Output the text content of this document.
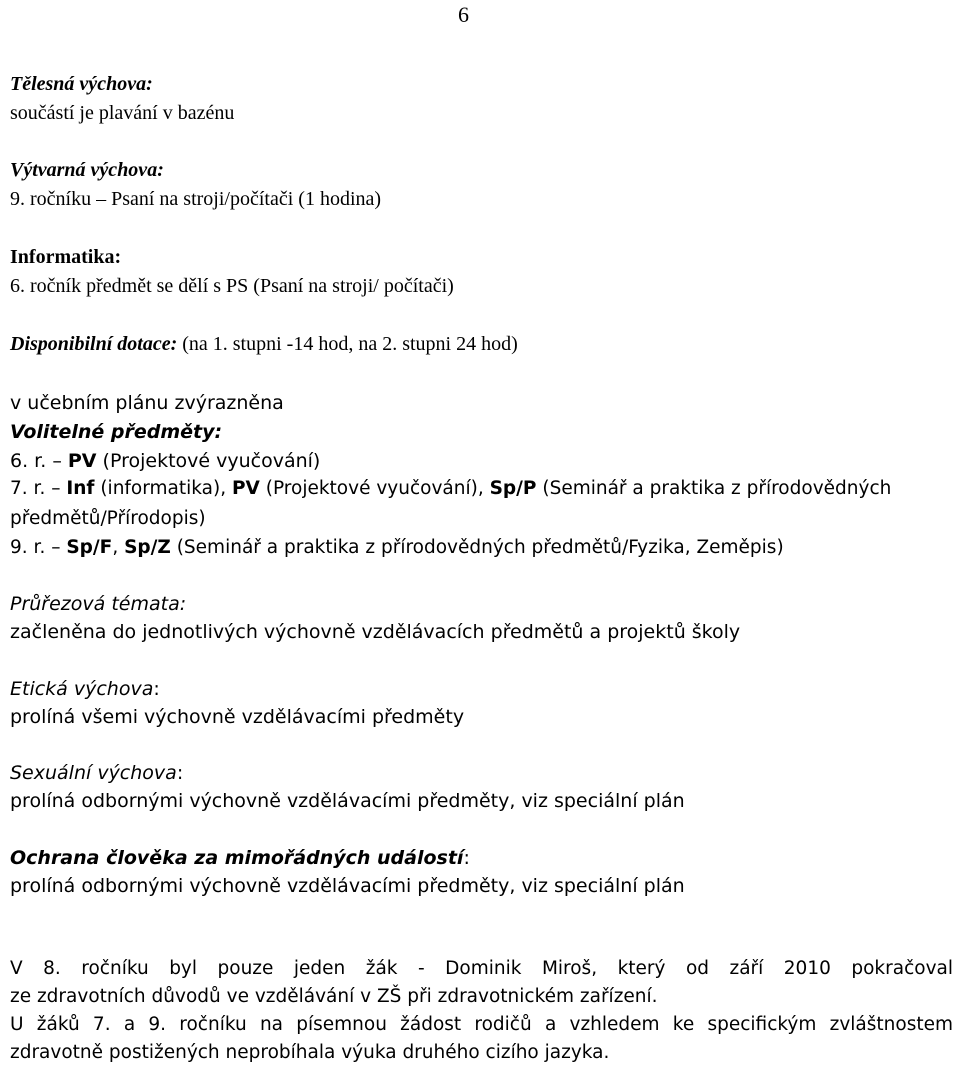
6
Tělesná výchova:
součástí je plavání v bazénu
Výtvarná výchova:
9. ročníku – Psaní na stroji/počítači (1 hodina)
Informatika:
6. ročník předmět se dělí s PS (Psaní na stroji/ počítači)
Disponibilní dotace: (na 1. stupni -14 hod, na 2. stupni 24 hod)
v učebním plánu zvýrazněna
Volitelné předměty:
6. r. – PV (Projektové vyučování)
7. r. – Inf (informatika), PV (Projektové vyučování), Sp/P (Seminář a praktika z přírodovědných
předmětů/Přírodopis)
9. r. – Sp/F, Sp/Z (Seminář a praktika z přírodovědných předmětů/Fyzika, Zeměpis)
Průřezová témata:
začleněna do jednotlivých výchovně vzdělávacích předmětů a projektů školy
Etická výchova:
prolíná všemi výchovně vzdělávacími předměty
Sexuální výchova:
prolíná odbornými výchovně vzdělávacími předměty, viz speciální plán
Ochrana člověka za mimořádných událostí:
prolíná odbornými výchovně vzdělávacími předměty, viz speciální plán
V 8. ročníku byl pouze jeden žák - Dominik Miroš, který od září 2010 pokračoval
ze zdravotních důvodů ve vzdělávání v ZŠ při zdravotnickém zařízení.
U žáků 7. a 9. ročníku na písemnou žádost rodičů a vzhledem ke specifickým zvláštnostem
zdravotně postižených neprobíhala výuka druhého cizího jazyka.
